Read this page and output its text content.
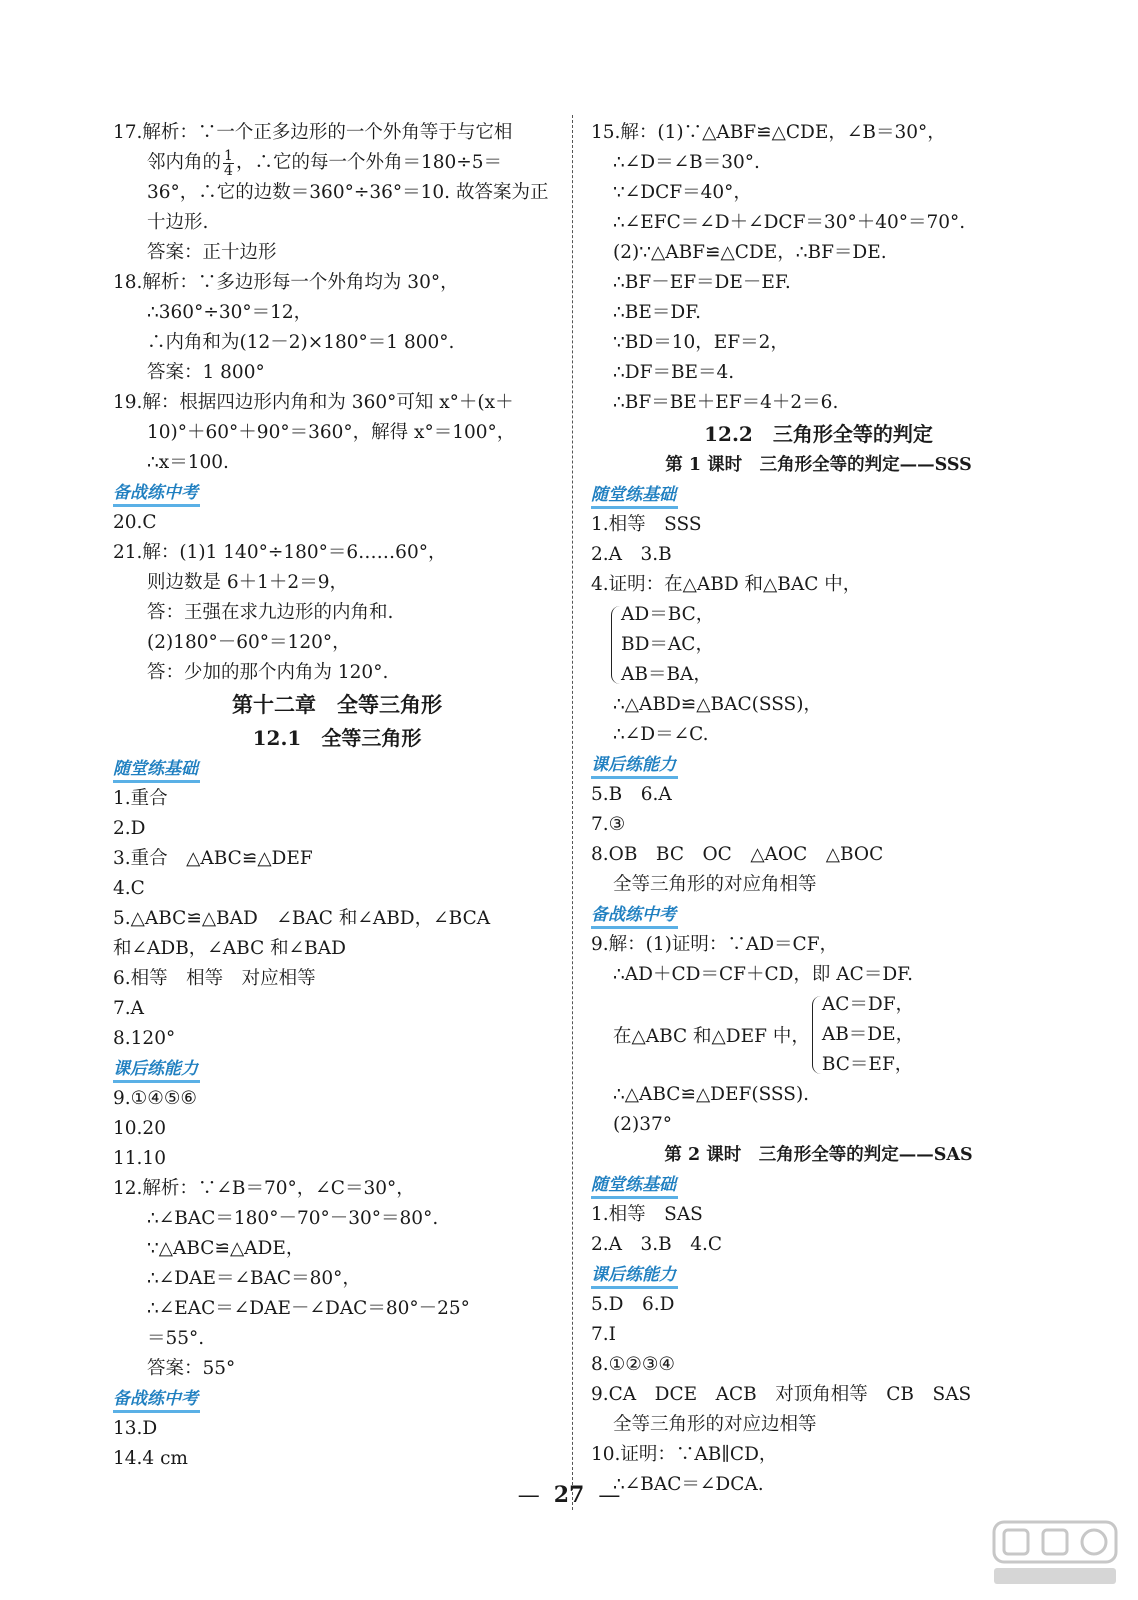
17.解析：∵一个正多边形的一个外角等于与它相
邻内角的 $\frac{1}{4}$ ，∴它的每一个外角＝180÷5＝
36°，∴它的边数＝360°÷36°＝10. 故答案为正
十边形.
答案：正十边形
18.解析：∵多边形每一个外角均为 30°，
∴360°÷30°＝12，
∴内角和为(12－2)×180°＝1 800°.
答案：1 800°
19.解：根据四边形内角和为 360°可知 x°＋(x＋
10)°＋60°＋90°＝360°，解得 x°＝100°，
∴x＝100.
备战练中考
20.C
21.解：(1)1 140°÷180°＝6……60°，
则边数是 6＋1＋2＝9，
答：王强在求九边形的内角和.
(2)180°－60°＝120°，
答：少加的那个内角为 120°.
第十二章　全等三角形
12.1　全等三角形
随堂练基础
1.重合
2.D
3.重合　△ABC≌△DEF
4.C
5.△ABC≌△BAD　∠BAC 和∠ABD，∠BCA
和∠ADB，∠ABC 和∠BAD
6.相等　相等　对应相等
7.A
8.120°
课后练能力
9.①④⑤⑥
10.20
11.10
12.解析：∵∠B＝70°，∠C＝30°，
∴∠BAC＝180°－70°－30°＝80°.
∵△ABC≌△ADE，
∴∠DAE＝∠BAC＝80°，
∴∠EAC＝∠DAE－∠DAC＝80°－25°
＝55°.
答案：55°
备战练中考
13.D
14.4 cm
15.解：(1)∵△ABF≌△CDE，∠B＝30°，
∴∠D＝∠B＝30°.
∵∠DCF＝40°，
∴∠EFC＝∠D＋∠DCF＝30°＋40°＝70°.
(2)∵△ABF≌△CDE，∴BF＝DE.
∴BF－EF＝DE－EF.
∴BE＝DF.
∵BD＝10，EF＝2，
∴DF＝BE＝4.
∴BF＝BE＋EF＝4＋2＝6.
12.2　三角形全等的判定
第 1 课时　三角形全等的判定——SSS
随堂练基础
1.相等　SSS
2.A　3.B
4.证明：在△ABD 和△BAC 中，
AD＝BC，
BD＝AC，
AB＝BA，
∴△ABD≌△BAC(SSS)，
∴∠D＝∠C.
课后练能力
5.B　6.A
7.③
8.OB　BC　OC　△AOC　△BOC
全等三角形的对应角相等
备战练中考
9.解：(1)证明：∵AD＝CF，
∴AD＋CD＝CF＋CD，即 AC＝DF.
在△ABC 和△DEF 中，
AC＝DF，
AB＝DE，
BC＝EF，
∴△ABC≌△DEF(SSS).
(2)37°
第 2 课时　三角形全等的判定——SAS
随堂练基础
1.相等　SAS
2.A　3.B　4.C
课后练能力
5.D　6.D
7.Ⅰ
8.①②③④
9.CA　DCE　ACB　对顶角相等　CB　SAS
全等三角形的对应边相等
10.证明：∵AB∥CD，
∴∠BAC＝∠DCA.
— 27 —
